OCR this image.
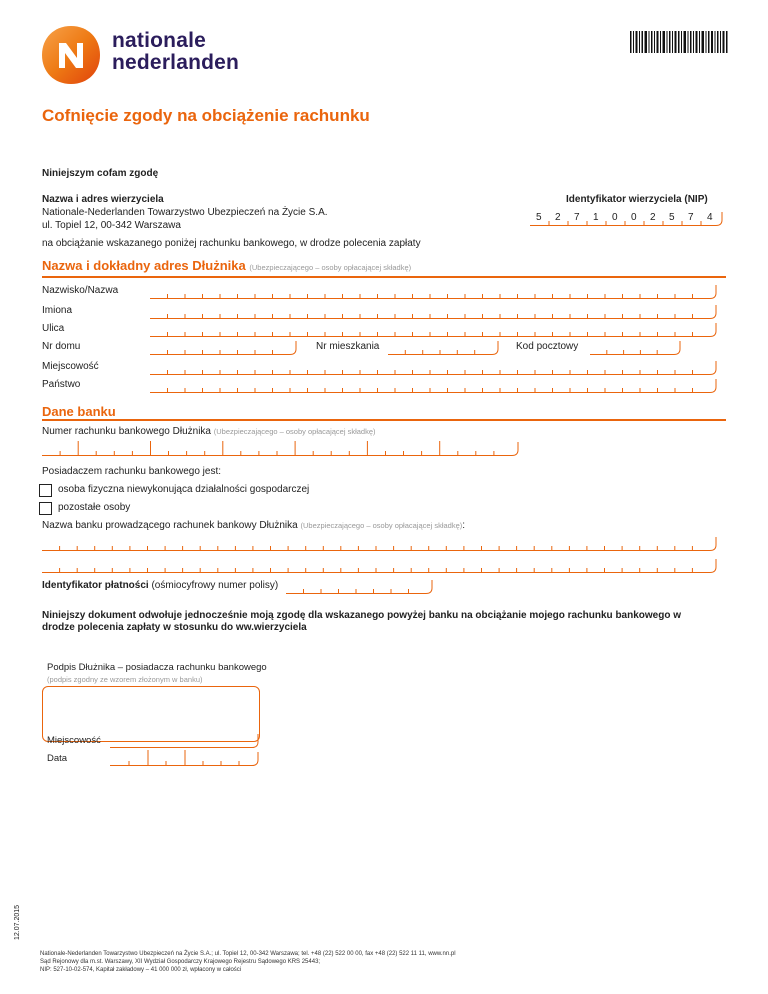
nationale
nederlanden
Cofnięcie zgody na obciążenie rachunku
Niniejszym cofam zgodę
Nazwa i adres wierzyciela
Nationale-Nederlanden Towarzystwo Ubezpieczeń na Życie S.A.
ul. Topiel 12, 00-342 Warszawa
Identyfikator wierzyciela (NIP)
5 2 7 1 0 0 2 5 7 4
na obciążanie wskazanego poniżej rachunku bankowego, w drodze polecenia zapłaty
Nazwa i dokładny adres Dłużnika (Ubezpieczającego – osoby opłacającej składkę)
Nazwisko/Nazwa
Imiona
Ulica
Nr domu	Nr mieszkania	Kod pocztowy
Miejscowość
Państwo
Dane banku
Numer rachunku bankowego Dłużnika (Ubezpieczającego – osoby opłacającej składkę)
Posiadaczem rachunku bankowego jest:
osoba fizyczna niewykonująca działalności gospodarczej
pozostałe osoby
Nazwa banku prowadzącego rachunek bankowy Dłużnika (Ubezpieczającego – osoby opłacającej składkę):
Identyfikator płatności (ośmiocyfrowy numer polisy)
Niniejszy dokument odwołuje jednocześnie moją zgodę dla wskazanego powyżej banku na obciążanie mojego rachunku bankowego w drodze polecenia zapłaty w stosunku do ww.wierzyciela
Podpis Dłużnika – posiadacza rachunku bankowego
(podpis zgodny ze wzorem złożonym w banku)
Miejscowość
Data
Nationale-Nederlanden Towarzystwo Ubezpieczeń na Życie S.A.; ul. Topiel 12, 00-342 Warszawa; tel. +48 (22) 522 00 00, fax +48 (22) 522 11 11, www.nn.pl
Sąd Rejonowy dla m.st. Warszawy, XII Wydział Gospodarczy Krajowego Rejestru Sądowego KRS 25443;
NIP: 527-10-02-574, Kapitał zakładowy – 41 000 000 zł, wpłacony w całości
12.07.2015
